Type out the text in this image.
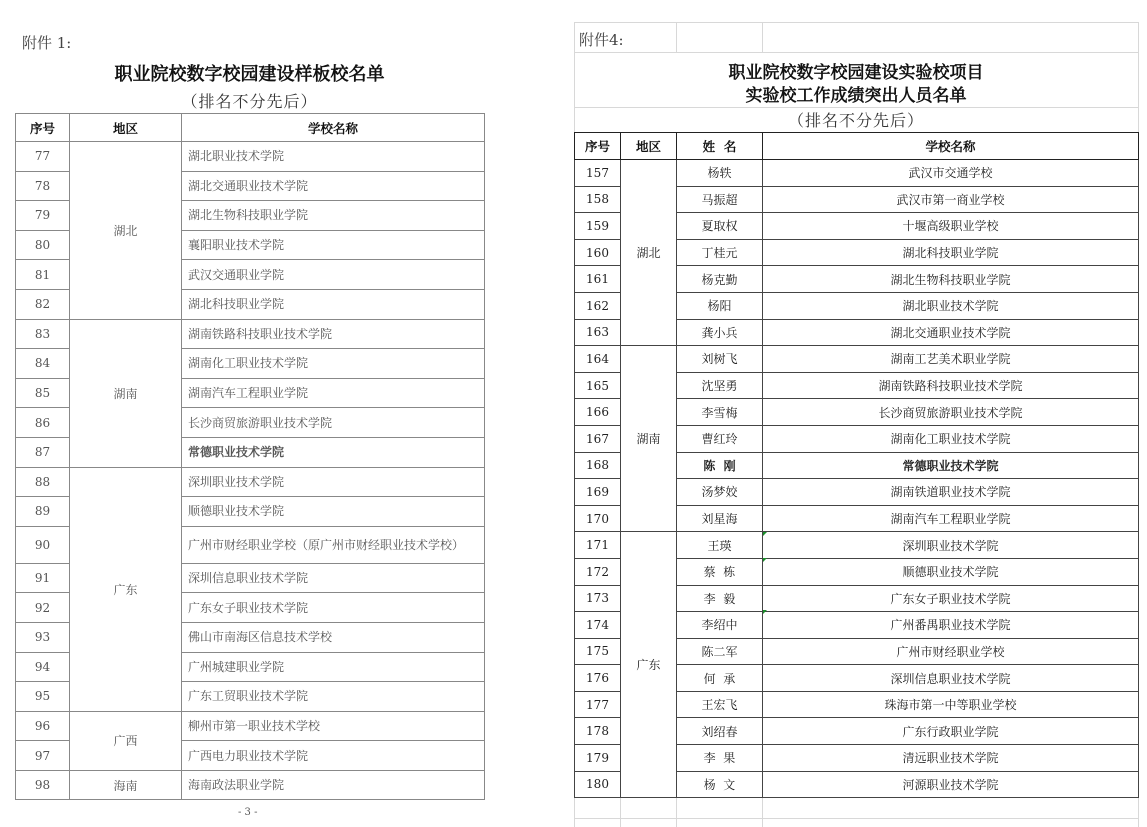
附件 1:
职业院校数字校园建设样板校名单
（排名不分先后）
序号	地区	学校名称
77	湖北	湖北职业技术学院
78		湖北交通职业技术学院
79		湖北生物科技职业学院
80		襄阳职业技术学院
81		武汉交通职业学院
82		湖北科技职业学院
83	湖南	湖南铁路科技职业技术学院
84		湖南化工职业技术学院
85		湖南汽车工程职业学院
86		长沙商贸旅游职业技术学院
87		常德职业技术学院
88	广东	深圳职业技术学院
89		顺德职业技术学院
90		广州市财经职业学校（原广州市财经职业技术学校）
91		深圳信息职业技术学院
92		广东女子职业技术学院
93		佛山市南海区信息技术学校
94		广州城建职业学院
95		广东工贸职业技术学院
96	广西	柳州市第一职业技术学校
97		广西电力职业技术学院
98	海南	海南政法职业学院
- 3 -
附件4:
职业院校数字校园建设实验校项目
实验校工作成绩突出人员名单
（排名不分先后）
序号	地区	姓  名	学校名称
157	湖北	杨轶	武汉市交通学校
158		马振超	武汉市第一商业学校
159		夏取权	十堰高级职业学校
160		丁桂元	湖北科技职业学院
161		杨克勤	湖北生物科技职业学院
162		杨阳	湖北职业技术学院
163		龚小兵	湖北交通职业技术学院
164	湖南	刘树飞	湖南工艺美术职业学院
165		沈坚勇	湖南铁路科技职业技术学院
166		李雪梅	长沙商贸旅游职业技术学院
167		曹红玲	湖南化工职业技术学院
168		陈  刚	常德职业技术学院
169		汤梦姣	湖南铁道职业技术学院
170		刘星海	湖南汽车工程职业学院
171	广东	王瑛	深圳职业技术学院
172		蔡  栋	顺德职业技术学院
173		李  毅	广东女子职业技术学院
174		李绍中	广州番禺职业技术学院
175		陈二军	广州市财经职业学校
176		何  承	深圳信息职业技术学院
177		王宏飞	珠海市第一中等职业学校
178		刘绍春	广东行政职业学院
179		李  果	清远职业技术学院
180		杨  文	河源职业技术学院
